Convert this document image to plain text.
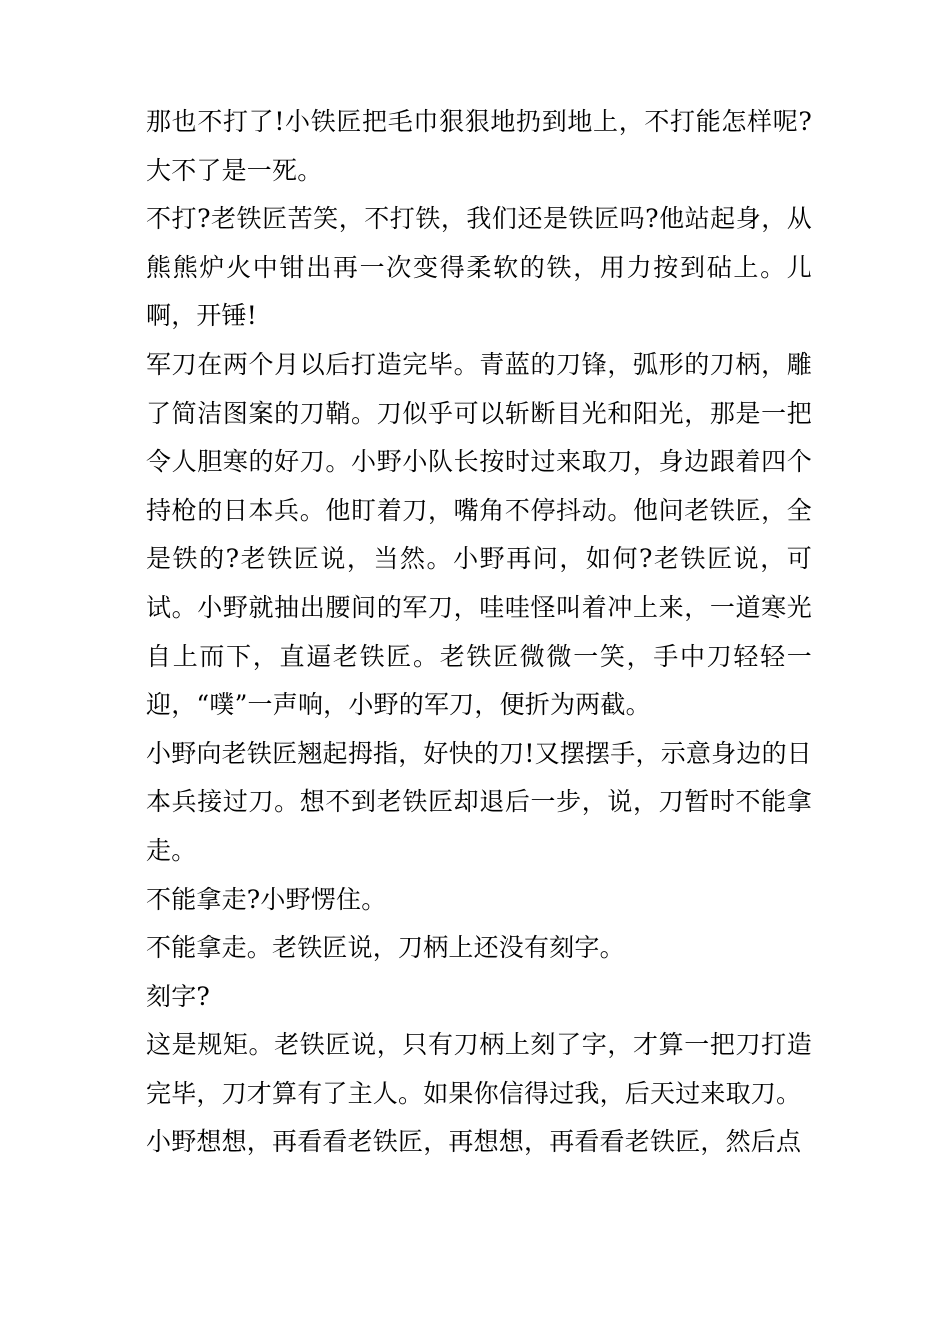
那也不打了!小铁匠把毛巾狠狠地扔到地上，不打能怎样呢?大不了是一死。

不打?老铁匠苦笑，不打铁，我们还是铁匠吗?他站起身，从熊熊炉火中钳出再一次变得柔软的铁，用力按到砧上。儿啊，开锤!

军刀在两个月以后打造完毕。青蓝的刀锋，弧形的刀柄，雕了简洁图案的刀鞘。刀似乎可以斩断目光和阳光，那是一把令人胆寒的好刀。小野小队长按时过来取刀，身边跟着四个持枪的日本兵。他盯着刀，嘴角不停抖动。他问老铁匠，全是铁的?老铁匠说，当然。小野再问，如何?老铁匠说，可试。小野就抽出腰间的军刀，哇哇怪叫着冲上来，一道寒光自上而下，直逼老铁匠。老铁匠微微一笑，手中刀轻轻一迎，“噗”一声响，小野的军刀，便折为两截。

小野向老铁匠翘起拇指，好快的刀!又摆摆手，示意身边的日本兵接过刀。想不到老铁匠却退后一步，说，刀暂时不能拿走。

不能拿走?小野愣住。

不能拿走。老铁匠说，刀柄上还没有刻字。

刻字?

这是规矩。老铁匠说，只有刀柄上刻了字，才算一把刀打造完毕，刀才算有了主人。如果你信得过我，后天过来取刀。

小野想想，再看看老铁匠，再想想，再看看老铁匠，然后点
